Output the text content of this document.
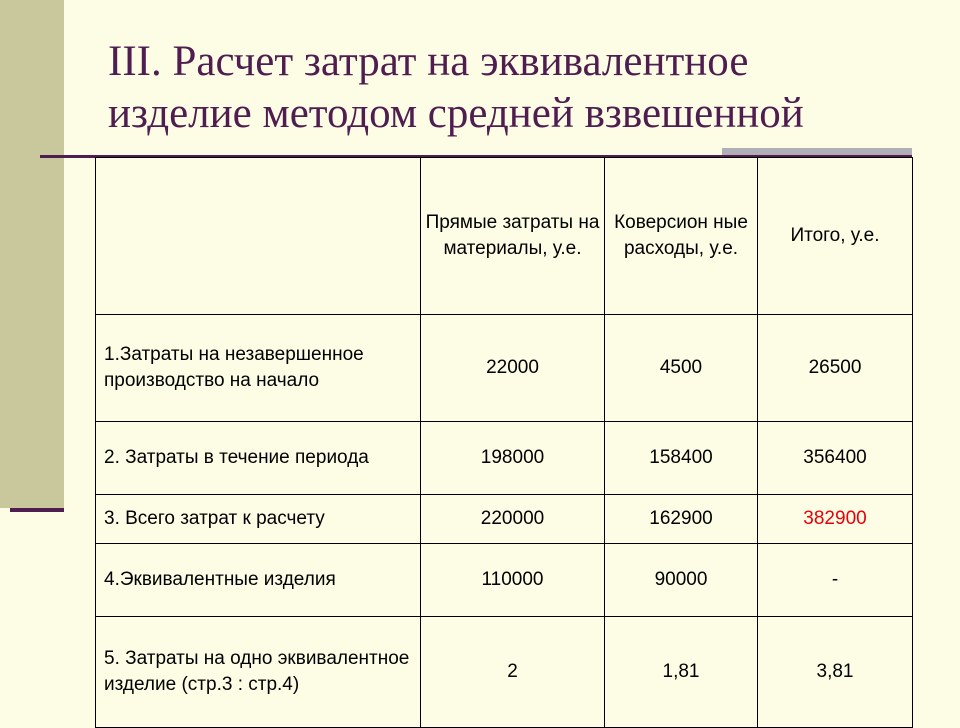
III. Расчет затрат на эквивалентное
изделие методом средней взвешенной
	Прямые затраты на материалы, у.е.	Коверсион ные расходы, у.е.	Итого, у.е.
1.Затраты на незавершенное производство на начало	22000	4500	26500
2. Затраты в течение периода	198000	158400	356400
3. Всего затрат к расчету	220000	162900	382900
4.Эквивалентные изделия	110000	90000	-
5. Затраты на одно эквивалентное изделие (стр.3 : стр.4)	2	1,81	3,81
